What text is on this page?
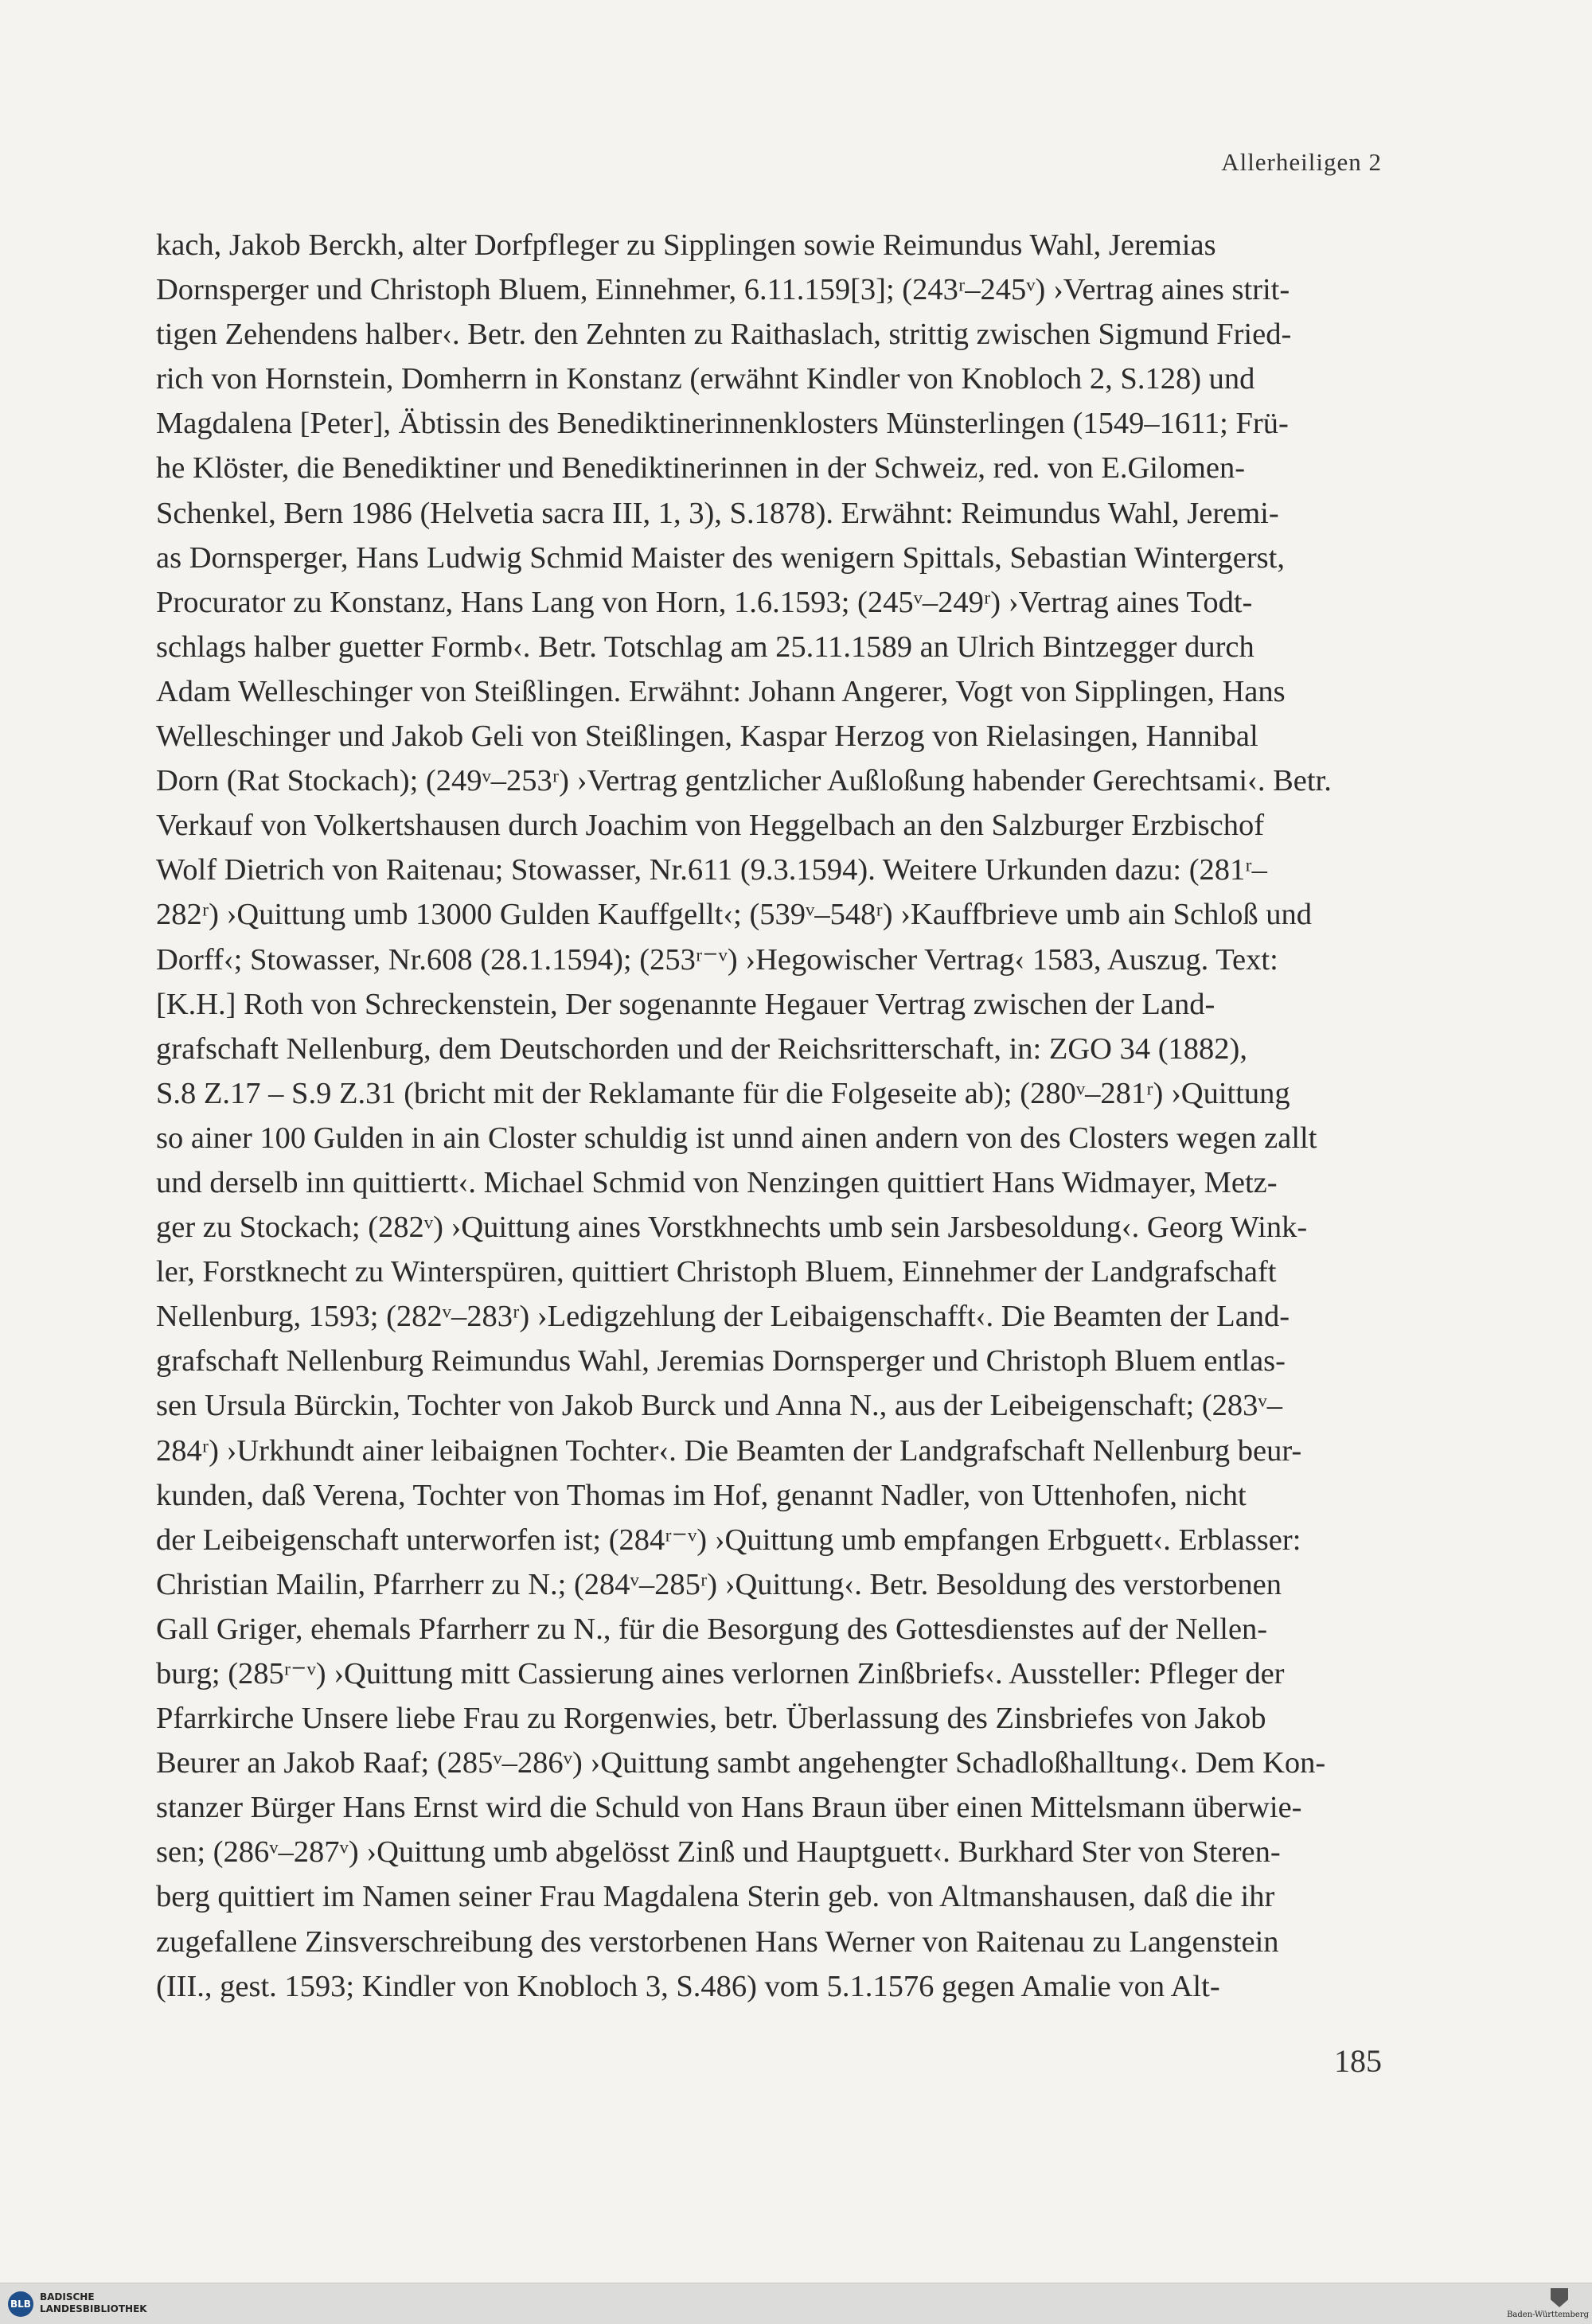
Allerheiligen 2
kach, Jakob Berckh, alter Dorfpfleger zu Sipplingen sowie Reimundus Wahl, Jeremias
Dornsperger und Christoph Bluem, Einnehmer, 6.11.159[3]; (243ʳ–245ᵛ) ›Vertrag aines strit-
tigen Zehendens halber‹. Betr. den Zehnten zu Raithaslach, strittig zwischen Sigmund Fried-
rich von Hornstein, Domherrn in Konstanz (erwähnt Kindler von Knobloch 2, S.128) und
Magdalena [Peter], Äbtissin des Benediktinerinnenklosters Münsterlingen (1549–1611; Frü-
he Klöster, die Benediktiner und Benediktinerinnen in der Schweiz, red. von E.Gilomen-
Schenkel, Bern 1986 (Helvetia sacra III, 1, 3), S.1878). Erwähnt: Reimundus Wahl, Jeremi-
as Dornsperger, Hans Ludwig Schmid Maister des wenigern Spittals, Sebastian Wintergerst,
Procurator zu Konstanz, Hans Lang von Horn, 1.6.1593; (245ᵛ–249ʳ) ›Vertrag aines Todt-
schlags halber guetter Formb‹. Betr. Totschlag am 25.11.1589 an Ulrich Bintzegger durch
Adam Welleschinger von Steißlingen. Erwähnt: Johann Angerer, Vogt von Sipplingen, Hans
Welleschinger und Jakob Geli von Steißlingen, Kaspar Herzog von Rielasingen, Hannibal
Dorn (Rat Stockach); (249ᵛ–253ʳ) ›Vertrag gentzlicher Außloßung habender Gerechtsami‹. Betr.
Verkauf von Volkertshausen durch Joachim von Heggelbach an den Salzburger Erzbischof
Wolf Dietrich von Raitenau; Stowasser, Nr.611 (9.3.1594). Weitere Urkunden dazu: (281ʳ–
282ʳ) ›Quittung umb 13000 Gulden Kauffgellt‹; (539ᵛ–548ʳ) ›Kauffbrieve umb ain Schloß und
Dorff‹; Stowasser, Nr.608 (28.1.1594); (253ʳ⁻ᵛ) ›Hegowischer Vertrag‹ 1583, Auszug. Text:
[K.H.] Roth von Schreckenstein, Der sogenannte Hegauer Vertrag zwischen der Land-
grafschaft Nellenburg, dem Deutschorden und der Reichsritterschaft, in: ZGO 34 (1882),
S.8 Z.17 – S.9 Z.31 (bricht mit der Reklamante für die Folgeseite ab); (280ᵛ–281ʳ) ›Quittung
so ainer 100 Gulden in ain Closter schuldig ist unnd ainen andern von des Closters wegen zallt
und derselb inn quittiertt‹. Michael Schmid von Nenzingen quittiert Hans Widmayer, Metz-
ger zu Stockach; (282ᵛ) ›Quittung aines Vorstkhnechts umb sein Jarsbesoldung‹. Georg Wink-
ler, Forstknecht zu Winterspüren, quittiert Christoph Bluem, Einnehmer der Landgrafschaft
Nellenburg, 1593; (282ᵛ–283ʳ) ›Ledigzehlung der Leibaigenschafft‹. Die Beamten der Land-
grafschaft Nellenburg Reimundus Wahl, Jeremias Dornsperger und Christoph Bluem entlas-
sen Ursula Bürckin, Tochter von Jakob Burck und Anna N., aus der Leibeigenschaft; (283ᵛ–
284ʳ) ›Urkhundt ainer leibaignen Tochter‹. Die Beamten der Landgrafschaft Nellenburg beur-
kunden, daß Verena, Tochter von Thomas im Hof, genannt Nadler, von Uttenhofen, nicht
der Leibeigenschaft unterworfen ist; (284ʳ⁻ᵛ) ›Quittung umb empfangen Erbguett‹. Erblasser:
Christian Mailin, Pfarrherr zu N.; (284ᵛ–285ʳ) ›Quittung‹. Betr. Besoldung des verstorbenen
Gall Griger, ehemals Pfarrherr zu N., für die Besorgung des Gottesdienstes auf der Nellen-
burg; (285ʳ⁻ᵛ) ›Quittung mitt Cassierung aines verlornen Zinßbriefs‹. Aussteller: Pfleger der
Pfarrkirche Unsere liebe Frau zu Rorgenwies, betr. Überlassung des Zinsbriefes von Jakob
Beurer an Jakob Raaf; (285ᵛ–286ᵛ) ›Quittung sambt angehengter Schadloßhalltung‹. Dem Kon-
stanzer Bürger Hans Ernst wird die Schuld von Hans Braun über einen Mittelsmann überwie-
sen; (286ᵛ–287ᵛ) ›Quittung umb abgelösst Zinß und Hauptguett‹. Burkhard Ster von Steren-
berg quittiert im Namen seiner Frau Magdalena Sterin geb. von Altmanshausen, daß die ihr
zugefallene Zinsverschreibung des verstorbenen Hans Werner von Raitenau zu Langenstein
(III., gest. 1593; Kindler von Knobloch 3, S.486) vom 5.1.1576 gegen Amalie von Alt-
185
BLB
BADISCHE
LANDESBIBLIOTHEK
Baden-Württemberg
